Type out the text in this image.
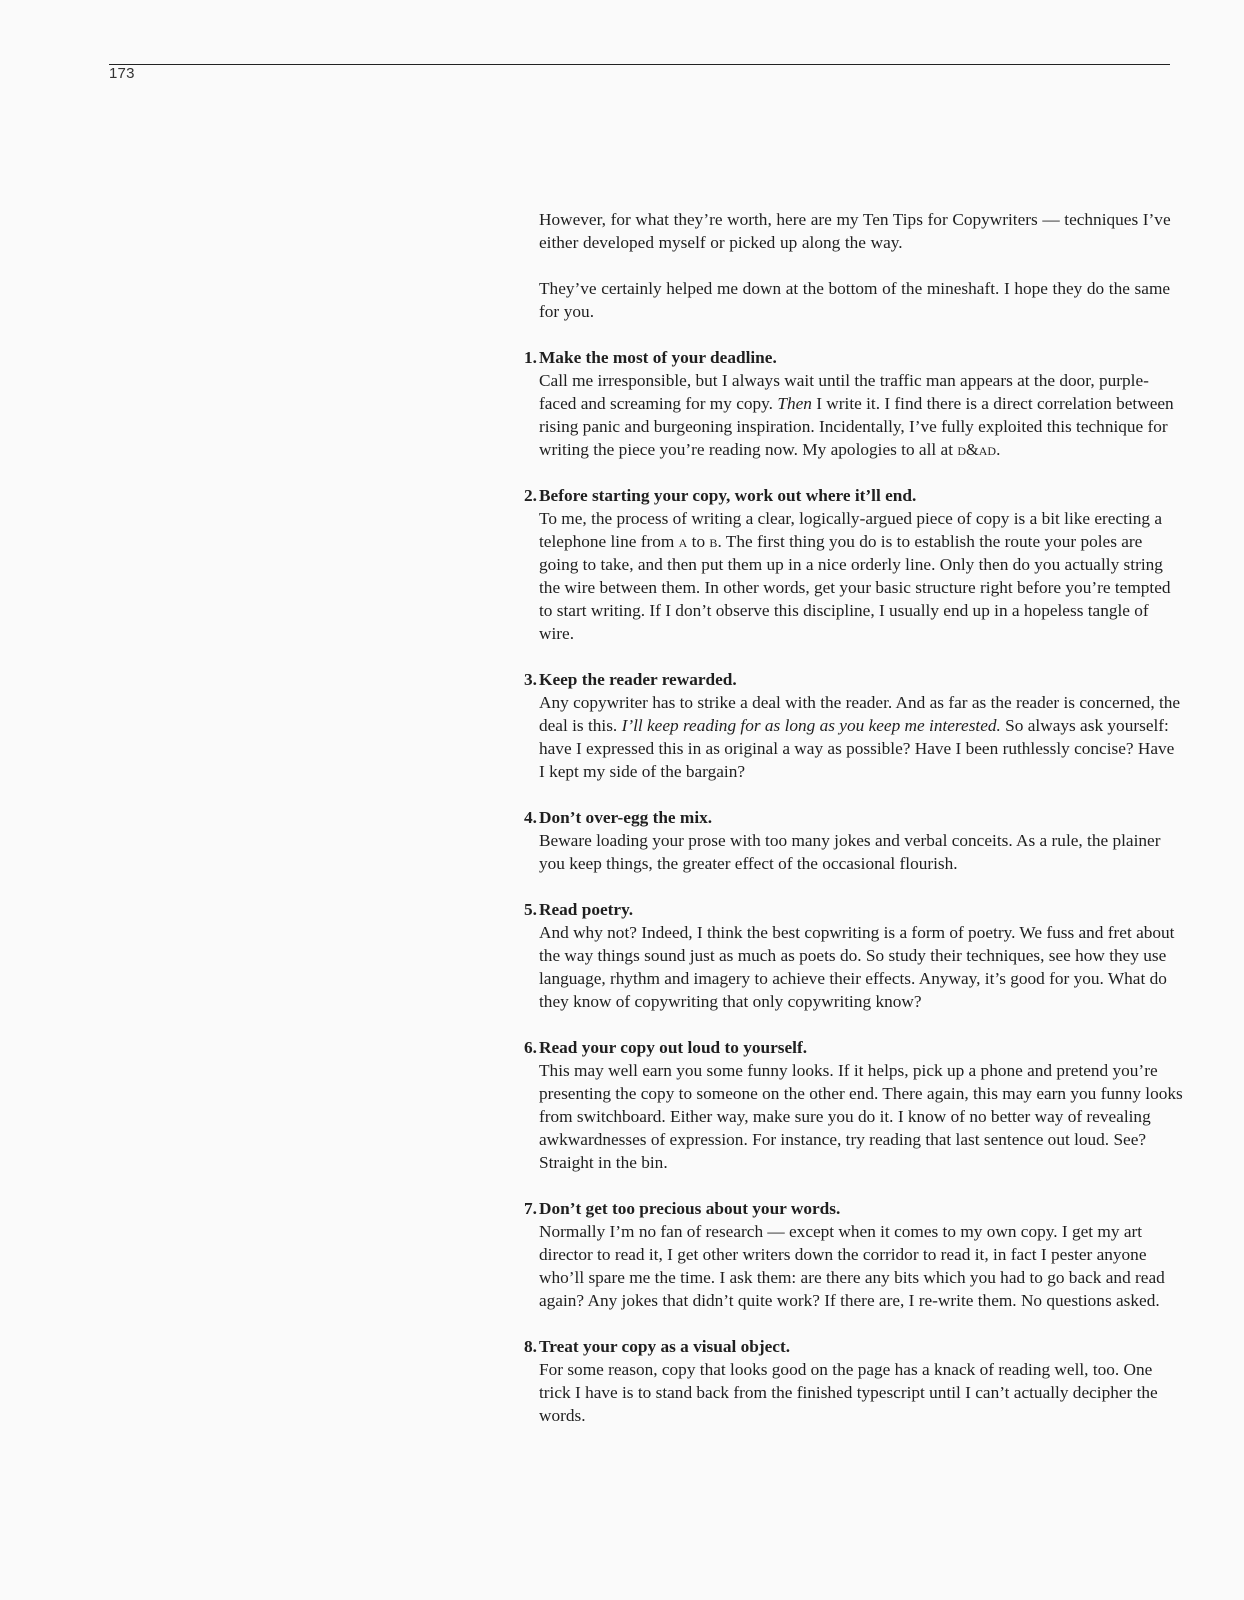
173

However, for what they’re worth, here are my Ten Tips for Copywriters — techniques I’ve either developed myself or picked up along the way.

They’ve certainly helped me down at the bottom of the mineshaft. I hope they do the same for you.

1. Make the most of your deadline.

Call me irresponsible, but I always wait until the traffic man appears at the door, purple-faced and screaming for my copy. Then I write it. I find there is a direct correlation between rising panic and burgeoning inspiration. Incidentally, I’ve fully exploited this technique for writing the piece you’re reading now. My apologies to all at d&ad.

2. Before starting your copy, work out where it’ll end.

To me, the process of writing a clear, logically-argued piece of copy is a bit like erecting a telephone line from a to b. The first thing you do is to establish the route your poles are going to take, and then put them up in a nice orderly line. Only then do you actually string the wire between them. In other words, get your basic structure right before you’re tempted to start writing. If I don’t observe this discipline, I usually end up in a hopeless tangle of wire.

3. Keep the reader rewarded.

Any copywriter has to strike a deal with the reader. And as far as the reader is concerned, the deal is this. I’ll keep reading for as long as you keep me interested. So always ask yourself: have I expressed this in as original a way as possible? Have I been ruthlessly concise? Have I kept my side of the bargain?

4. Don’t over-egg the mix.

Beware loading your prose with too many jokes and verbal conceits. As a rule, the plainer you keep things, the greater effect of the occasional flourish.

5. Read poetry.

And why not? Indeed, I think the best copwriting is a form of poetry. We fuss and fret about the way things sound just as much as poets do. So study their techniques, see how they use language, rhythm and imagery to achieve their effects. Anyway, it’s good for you. What do they know of copywriting that only copywriting know?

6. Read your copy out loud to yourself.

This may well earn you some funny looks. If it helps, pick up a phone and pretend you’re presenting the copy to someone on the other end. There again, this may earn you funny looks from switchboard. Either way, make sure you do it. I know of no better way of revealing awkwardnesses of expression. For instance, try reading that last sentence out loud. See? Straight in the bin.

7. Don’t get too precious about your words.

Normally I’m no fan of research — except when it comes to my own copy. I get my art director to read it, I get other writers down the corridor to read it, in fact I pester anyone who’ll spare me the time. I ask them: are there any bits which you had to go back and read again? Any jokes that didn’t quite work? If there are, I re-write them. No questions asked.

8. Treat your copy as a visual object.

For some reason, copy that looks good on the page has a knack of reading well, too. One trick I have is to stand back from the finished typescript until I can’t actually decipher the words.
